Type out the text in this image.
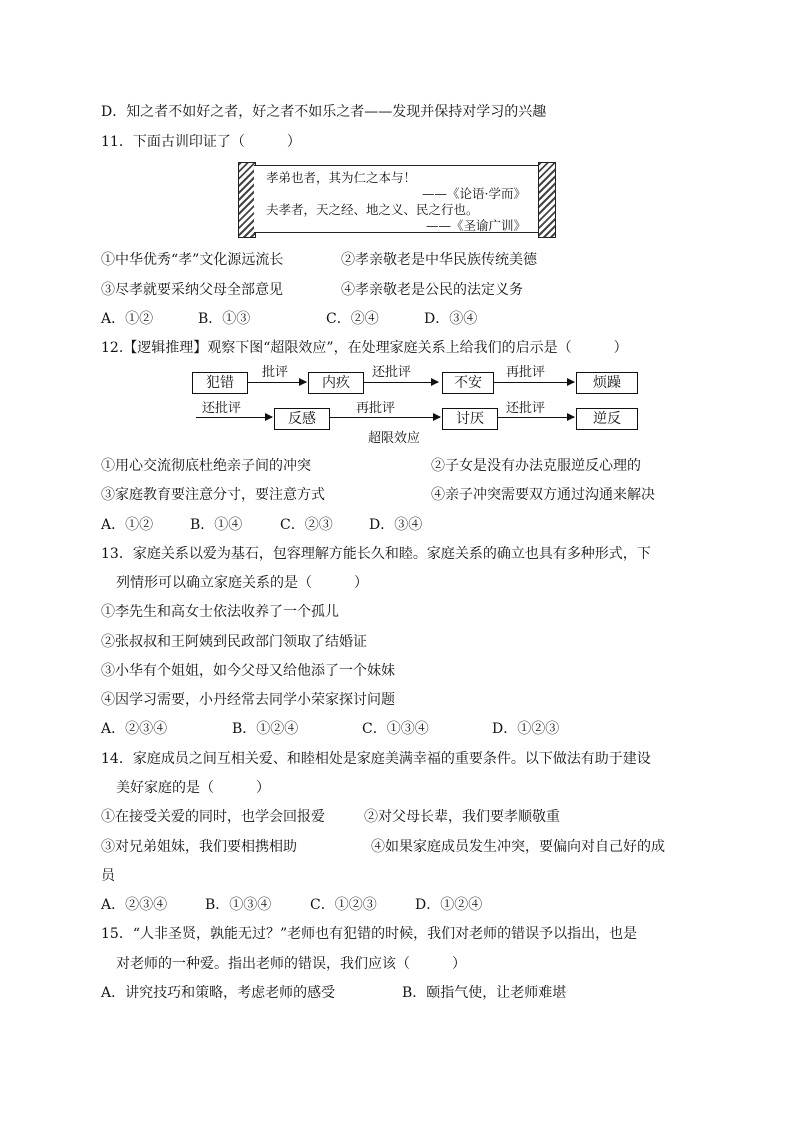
D．知之者不如好之者，好之者不如乐之者——发现并保持对学习的兴趣
11．下面古训印证了（　　　）
孝弟也者，其为仁之本与！
——《论语·学而》
夫孝者，天之经、地之义、民之行也。
——《圣谕广训》
①中华优秀“孝”文化源远流长	②孝亲敬老是中华民族传统美德
③尽孝就要采纳父母全部意见	④孝亲敬老是公民的法定义务
A．①②	B．①③	C．②④	D．③④
12.【逻辑推理】观察下图“超限效应”，在处理家庭关系上给我们的启示是（　　　）
犯错
批评
内疚
还批评
不安
再批评
烦躁
还批评
反感
再批评
讨厌
还批评
逆反
超限效应
①用心交流彻底杜绝亲子间的冲突	②子女是没有办法克服逆反心理的
③家庭教育要注意分寸，要注意方式	④亲子冲突需要双方通过沟通来解决
A．①②	B．①④	C．②③	D．③④
13．家庭关系以爱为基石，包容理解方能长久和睦。家庭关系的确立也具有多种形式，下
列情形可以确立家庭关系的是（　　　）
①李先生和高女士依法收养了一个孤儿
②张叔叔和王阿姨到民政部门领取了结婚证
③小华有个姐姐，如今父母又给他添了一个妹妹
④因学习需要，小丹经常去同学小荣家探讨问题
A．②③④	B．①②④	C．①③④	D．①②③
14．家庭成员之间互相关爱、和睦相处是家庭美满幸福的重要条件。以下做法有助于建设
美好家庭的是（　　　）
①在接受关爱的同时，也学会回报爱	②对父母长辈，我们要孝顺敬重
③对兄弟姐妹，我们要相携相助	④如果家庭成员发生冲突，要偏向对自己好的成
员
A．②③④	B．①③④	C．①②③	D．①②④
15．“人非圣贤，孰能无过？”老师也有犯错的时候，我们对老师的错误予以指出，也是
对老师的一种爱。指出老师的错误，我们应该（　　　）
A．讲究技巧和策略，考虑老师的感受	B．颐指气使，让老师难堪
